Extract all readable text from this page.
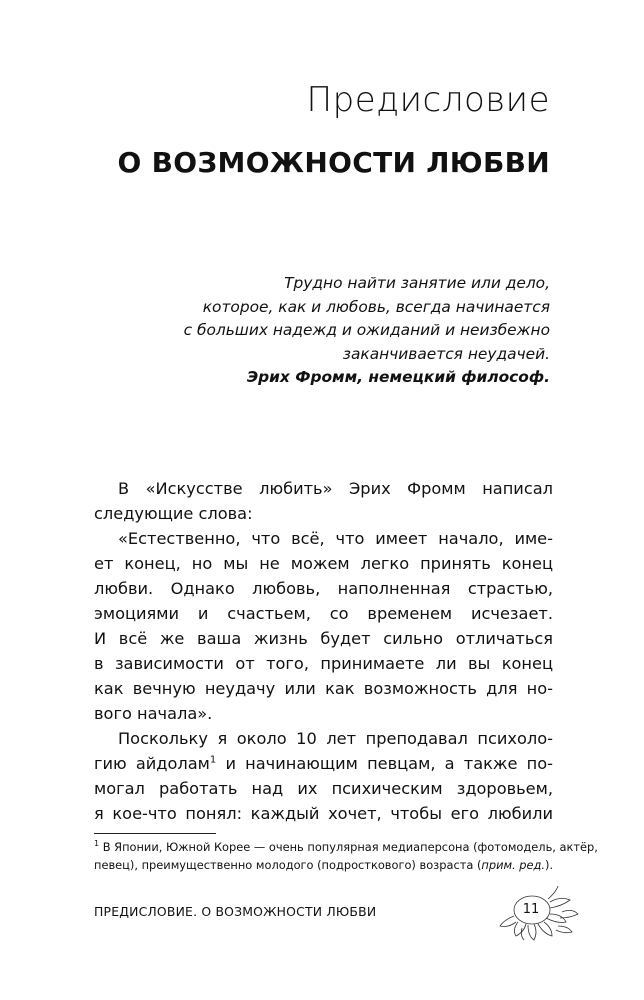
Предисловие
О ВОЗМОЖНОСТИ ЛЮБВИ
Трудно найти занятие или дело,
которое, как и любовь, всегда начинается
с больших надежд и ожиданий и неизбежно
заканчивается неудачей.
Эрих Фромм, немецкий философ.

В «Искусстве любить» Эрих Фромм написал
следующие слова:

«Естественно, что всё, что имеет начало, име-
ет конец, но мы не можем легко принять конец
любви. Однако любовь, наполненная страстью,
эмоциями и счастьем, со временем исчезает.
И всё же ваша жизнь будет сильно отличаться
в зависимости от того, принимаете ли вы конец
как вечную неудачу или как возможность для но-
вого начала».

Поскольку я около 10 лет преподавал психоло-
гию айдолам$^1$ и начинающим певцам, а также по-
могал работать над их психическим здоровьем,
я кое-что понял: каждый хочет, чтобы его любили

$^1$ В Японии, Южной Корее — очень популярная медиаперсона (фотомодель, актёр,
певец), преимущественно молодого (подросткового) возраста (прим. ред.).
ПРЕДИСЛОВИЕ. О ВОЗМОЖНОСТИ ЛЮБВИ	11
